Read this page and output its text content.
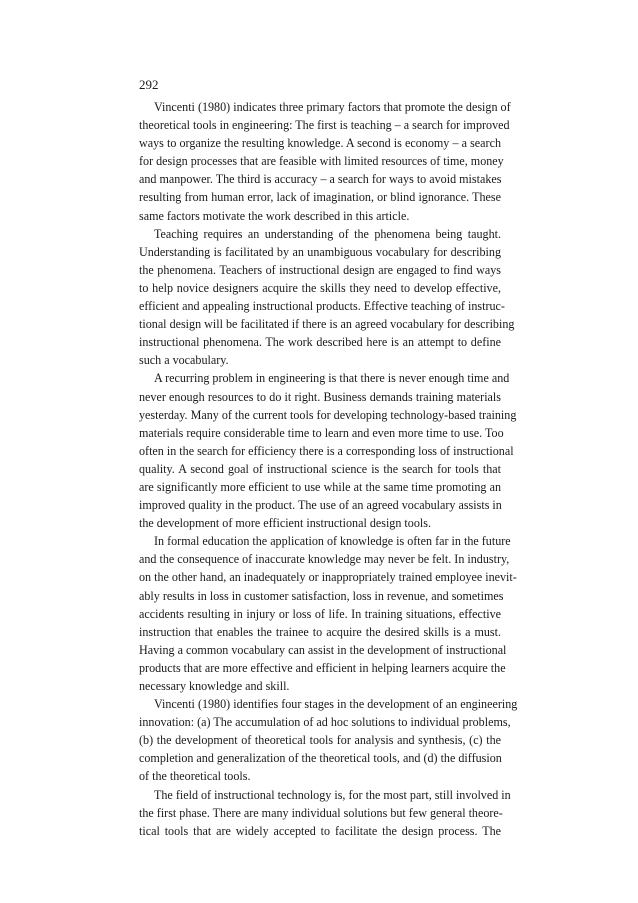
292
Vincenti (1980) indicates three primary factors that promote the design of
theoretical tools in engineering: The first is teaching – a search for improved
ways to organize the resulting knowledge. A second is economy – a search
for design processes that are feasible with limited resources of time, money
and manpower. The third is accuracy – a search for ways to avoid mistakes
resulting from human error, lack of imagination, or blind ignorance. These
same factors motivate the work described in this article.
Teaching requires an understanding of the phenomena being taught.
Understanding is facilitated by an unambiguous vocabulary for describing
the phenomena. Teachers of instructional design are engaged to find ways
to help novice designers acquire the skills they need to develop effective,
efficient and appealing instructional products. Effective teaching of instruc-
tional design will be facilitated if there is an agreed vocabulary for describing
instructional phenomena. The work described here is an attempt to define
such a vocabulary.
A recurring problem in engineering is that there is never enough time and
never enough resources to do it right. Business demands training materials
yesterday. Many of the current tools for developing technology-based training
materials require considerable time to learn and even more time to use. Too
often in the search for efficiency there is a corresponding loss of instructional
quality. A second goal of instructional science is the search for tools that
are significantly more efficient to use while at the same time promoting an
improved quality in the product. The use of an agreed vocabulary assists in
the development of more efficient instructional design tools.
In formal education the application of knowledge is often far in the future
and the consequence of inaccurate knowledge may never be felt. In industry,
on the other hand, an inadequately or inappropriately trained employee inevit-
ably results in loss in customer satisfaction, loss in revenue, and sometimes
accidents resulting in injury or loss of life. In training situations, effective
instruction that enables the trainee to acquire the desired skills is a must.
Having a common vocabulary can assist in the development of instructional
products that are more effective and efficient in helping learners acquire the
necessary knowledge and skill.
Vincenti (1980) identifies four stages in the development of an engineering
innovation: (a) The accumulation of ad hoc solutions to individual problems,
(b) the development of theoretical tools for analysis and synthesis, (c) the
completion and generalization of the theoretical tools, and (d) the diffusion
of the theoretical tools.
The field of instructional technology is, for the most part, still involved in
the first phase. There are many individual solutions but few general theore-
tical tools that are widely accepted to facilitate the design process. The
